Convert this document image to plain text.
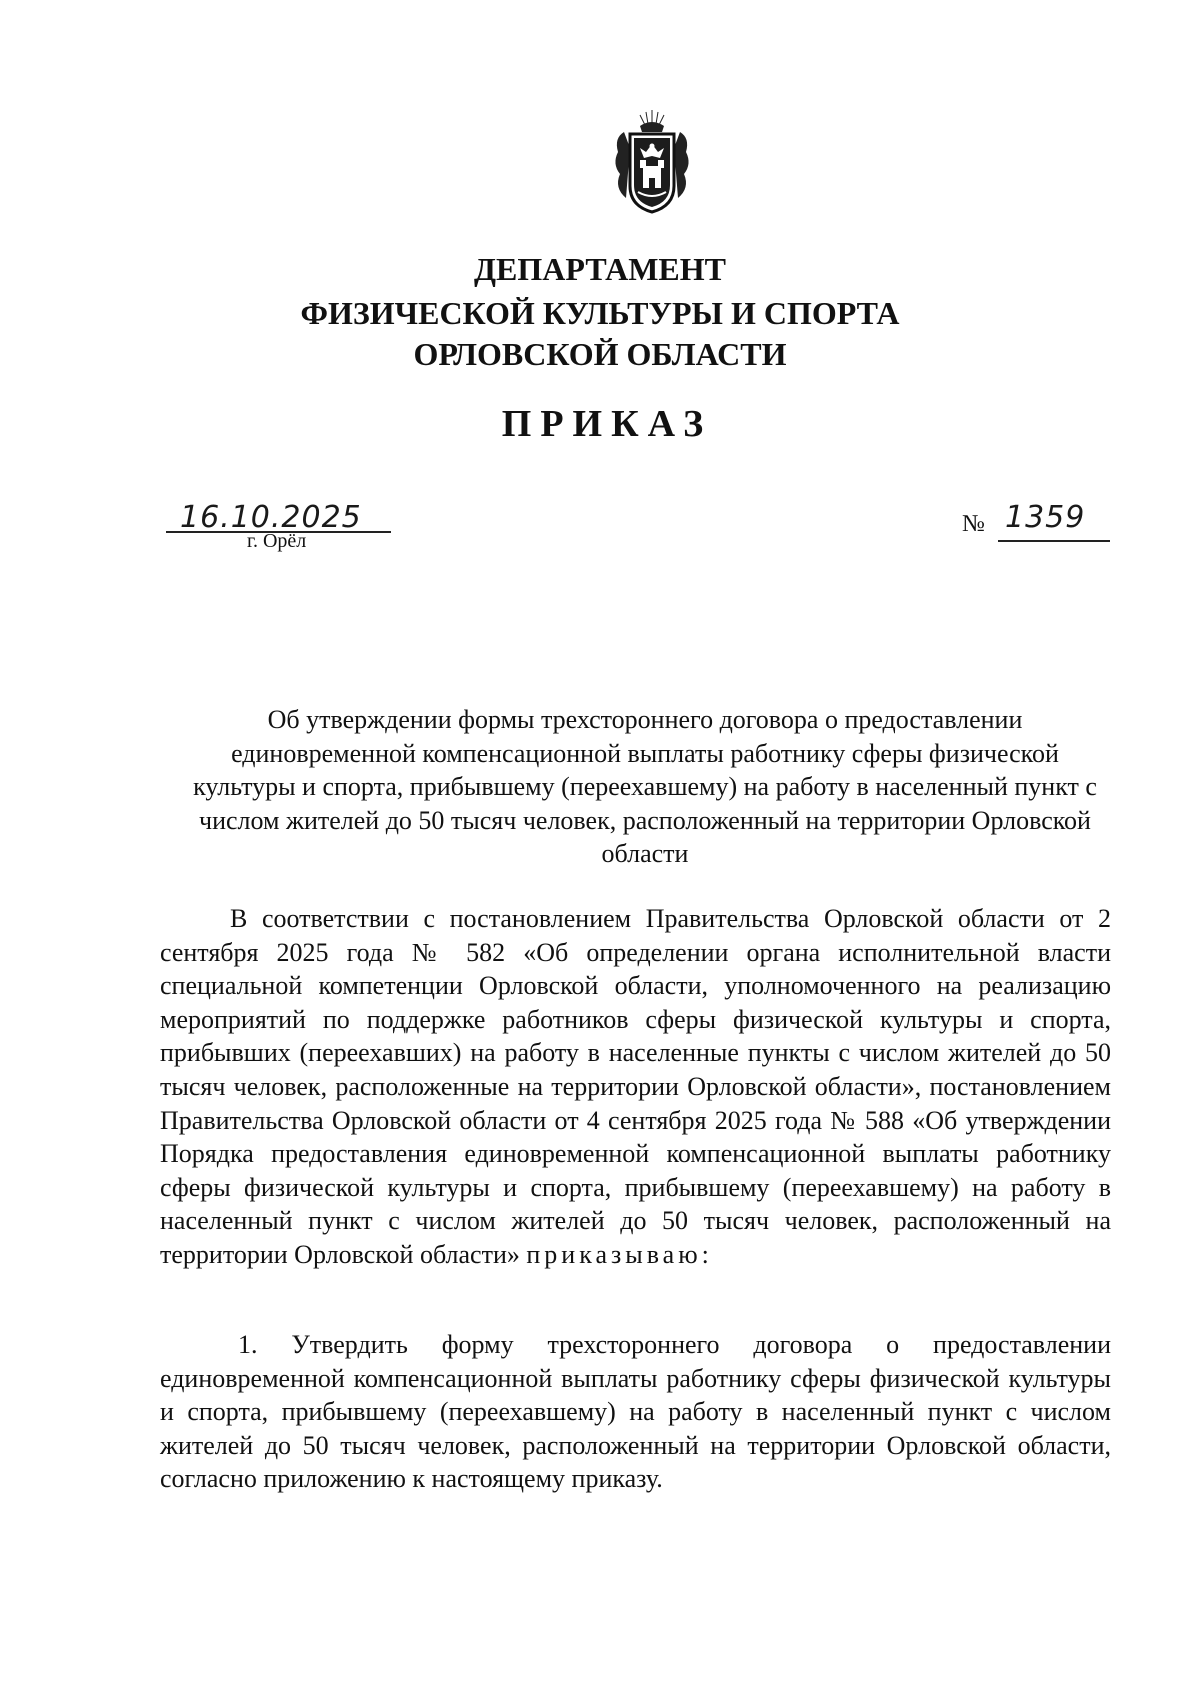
ДЕПАРТАМЕНТ
ФИЗИЧЕСКОЙ КУЛЬТУРЫ И СПОРТА
ОРЛОВСКОЙ ОБЛАСТИ
ПРИКАЗ
16.10.2025
г. Орёл
№ 1359
Об утверждении формы трехстороннего договора о предоставлении единовременной компенсационной выплаты работнику сферы физической культуры и спорта, прибывшему (переехавшему) на работу в населенный пункт с числом жителей до 50 тысяч человек, расположенный на территории Орловской области
В соответствии с постановлением Правительства Орловской области от 2 сентября 2025 года № 582 «Об определении органа исполнительной власти специальной компетенции Орловской области, уполномоченного на реализацию мероприятий по поддержке работников сферы физической культуры и спорта, прибывших (переехавших) на работу в населенные пункты с числом жителей до 50 тысяч человек, расположенные на территории Орловской области», постановлением Правительства Орловской области от 4 сентября 2025 года № 588 «Об утверждении Порядка предоставления единовременной компенсационной выплаты работнику сферы физической культуры и спорта, прибывшему (переехавшему) на работу в населенный пункт с числом жителей до 50 тысяч человек, расположенный на территории Орловской области» приказываю:
1. Утвердить форму трехстороннего договора о предоставлении единовременной компенсационной выплаты работнику сферы физической культуры и спорта, прибывшему (переехавшему) на работу в населенный пункт с числом жителей до 50 тысяч человек, расположенный на территории Орловской области, согласно приложению к настоящему приказу.
